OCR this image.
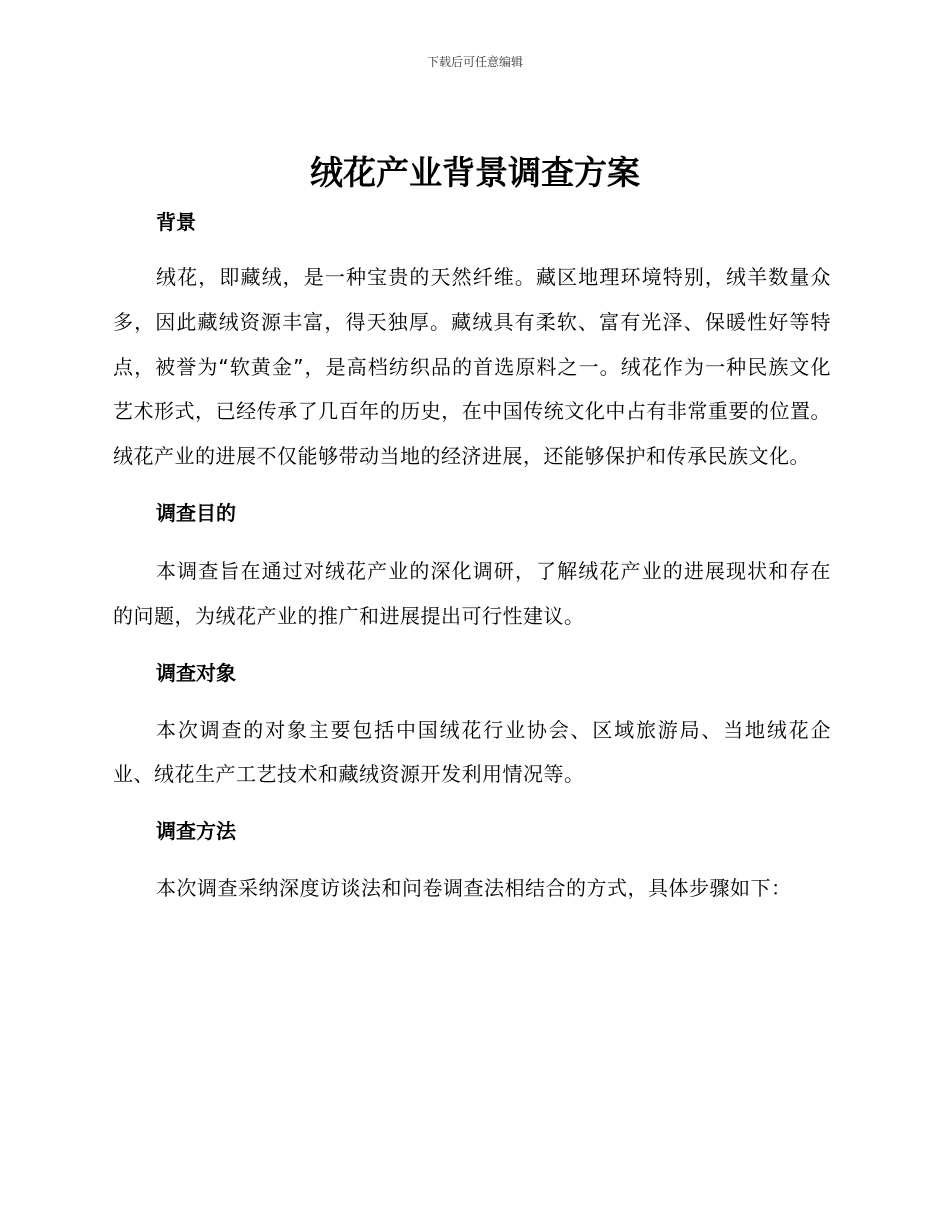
下载后可任意编辑
绒花产业背景调查方案
背景

绒花，即藏绒，是一种宝贵的天然纤维。藏区地理环境特别，绒羊数量众多，因此藏绒资源丰富，得天独厚。藏绒具有柔软、富有光泽、保暖性好等特点，被誉为“软黄金”，是高档纺织品的首选原料之一。绒花作为一种民族文化艺术形式，已经传承了几百年的历史，在中国传统文化中占有非常重要的位置。绒花产业的进展不仅能够带动当地的经济进展，还能够保护和传承民族文化。

调查目的

本调查旨在通过对绒花产业的深化调研，了解绒花产业的进展现状和存在的问题，为绒花产业的推广和进展提出可行性建议。

调查对象

本次调查的对象主要包括中国绒花行业协会、区域旅游局、当地绒花企业、绒花生产工艺技术和藏绒资源开发利用情况等。

调查方法

本次调查采纳深度访谈法和问卷调查法相结合的方式，具体步骤如下：
